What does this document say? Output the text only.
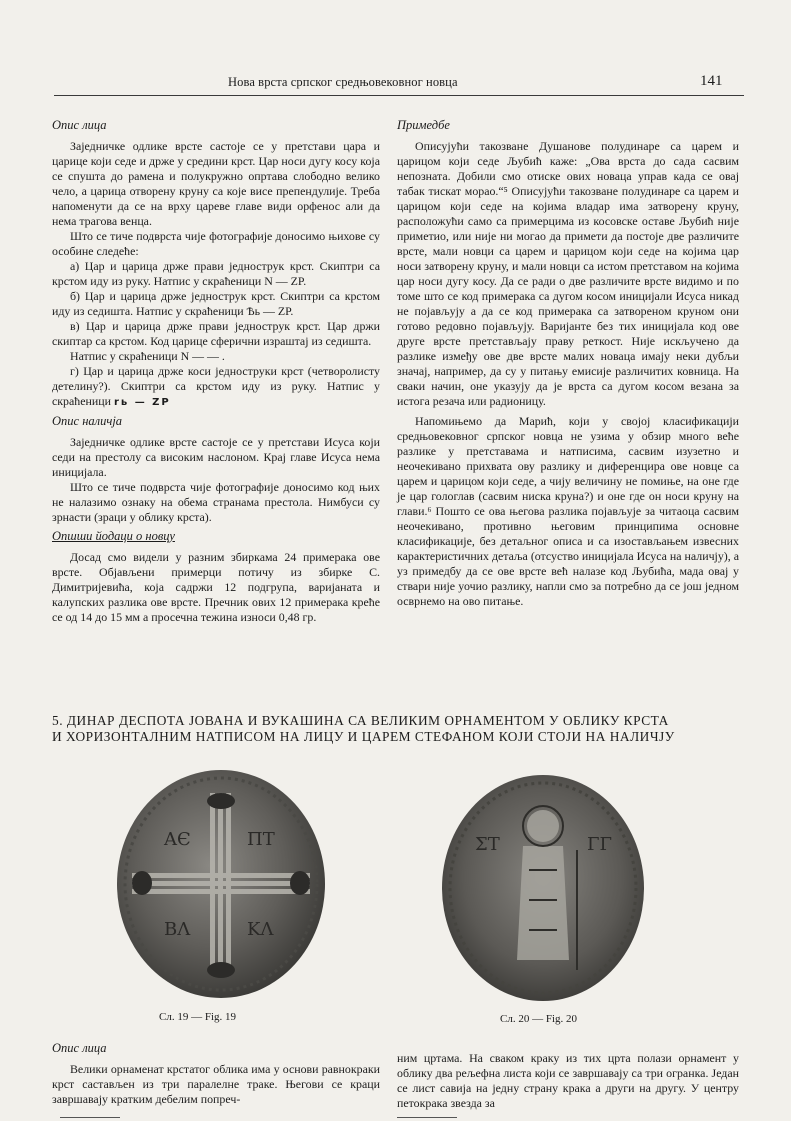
Нова врста српског средњовековног новца	141
Опис лица

Заједничке одлике врсте састоје се у претстави цара и царице који седе и држе у средини крст. Цар носи дугу косу која се спушта до рамена и полукружно опртава слободно велико чело, а царица отворену круну са које висе препендулије. Треба напоменути да се на врху цареве главе види орфенос али да нема трагова венца.

Што се тиче подврста чије фотографије доносимо њихове су особине следеће:

а) Цар и царица држе прави једнострук крст. Скиптри са крстом иду из руку. Натпис у скраћеници N — ZP.

б) Цар и царица држе једнострук крст. Скиптри са крстом иду из седишта. Натпис у скраћеници Ѣь — ZP.

в) Цар и царица држе прави једнострук крст. Цар држи скиптар са крстом. Код царице сферични израштај из седишта.

Натпис у скраћеници N — — .

г) Цар и царица држе коси једноструки крст (четворолисту детелину?). Скиптри са крстом иду из руку. Натпис у скраћеници rь — ZP

Опис наличја

Заједничке одлике врсте састоје се у претстави Исуса који седи на престолу са високим наслоном. Крај главе Исуса нема иницијала.

Што се тиче подврста чије фотографије доносимо код њих не налазимо ознаку на обема странама престола. Нимбуси су зрнасти (зраци у облику крста).

Опшши йодаци о новцу

Досад смо видели у разним збиркама 24 примерака ове врсте. Објављени примерци потичу из збирке С. Димитријевића, која садржи 12 подгрупа, варијаната и калупских разлика ове врсте. Пречник ових 12 примерака креће се од 14 до 15 мм а просечна тежина износи 0,48 гр.

Примедбе

Описујући такозване Душанове полудинаре са царем и царицом који седе Љубић каже: „Ова врста до сада сасвим непозната. Добили смо отиске ових новаца управ када се овај табак тискат морао.“⁵ Описујући такозване полудинаре са царем и царицом који седе на којима владар има затворену круну, расположући само са примерцима из косовске оставе Љубић није приметио, или није ни могао да примети да постоје две различите врсте, мали новци са царем и царицом који седе на којима цар носи затворену круну, и мали новци са истом претставом на којима цар носи дугу косу. Да се ради о две различите врсте видимо и по томе што се код примерака са дугом косом иницијали Исуса никад не појављују а да се код примерака са затвореном круном они готово редовно појављују. Варијанте без тих иницијала код ове друге врсте претстављају праву реткост. Није искључено да разлике између ове две врсте малих новаца имају неки дубљи значај, например, да су у питању емисије различитих ковница. На сваки начин, оне указују да је врста са дугом косом везана за истога резача или радионицу.

Напомињемо да Марић, који у својој класификацији средњовековног српског новца не узима у обзир много веће разлике у претставама и натписима, сасвим изузетно и неочекивано прихвата ову разлику и диференцира ове новце са царем и царицом који седе, а чију величину не помиње, на оне где је цар гологлав (сасвим ниска круна?) и оне где он носи круну на глави.⁶ Пошто се ова његова разлика појављује за читаоца сасвим неочекивано, противно његовим принципима основне класификације, без детаљног описа и са изостављањем извесних карактеристичних детаља (отсуство иницијала Исуса на наличју), а уз примедбу да се ове врсте већ налазе код Љубића, мада овај у ствари није уочио разлику, напли смо за потребно да се још једном осврнемо на ово питање.

5. ДИНАР ДЕСПОТА ЈОВАНА И ВУКАШИНА СА ВЕЛИКИМ ОРНАМЕНТОМ У ОБЛИКУ КРСТА
И ХОРИЗОНТАЛНИМ НАТПИСОМ НА ЛИЦУ И ЦАРЕМ СТЕФАНОМ КОЈИ СТОЈИ НА НАЛИЧЈУ
ΑЄ	ΠΤ
ΒΛ	ΚΛ
Сл. 19 — Fig. 19
ΣΤ	ΓΓ
Сл. 20 — Fig. 20
Опис лица

Велики орнаменат крстатог облика има у основи равнокраки крст састављен из три паралелне траке. Његови се краци завршавају кратким дебелим попреч-

ним цртама. На сваком краку из тих црта полази орнамент у облику два рељефна листа који се завршавају са три огранка. Један се лист савија на једну страну крака а други на другу. У центру петокрака звезда за
